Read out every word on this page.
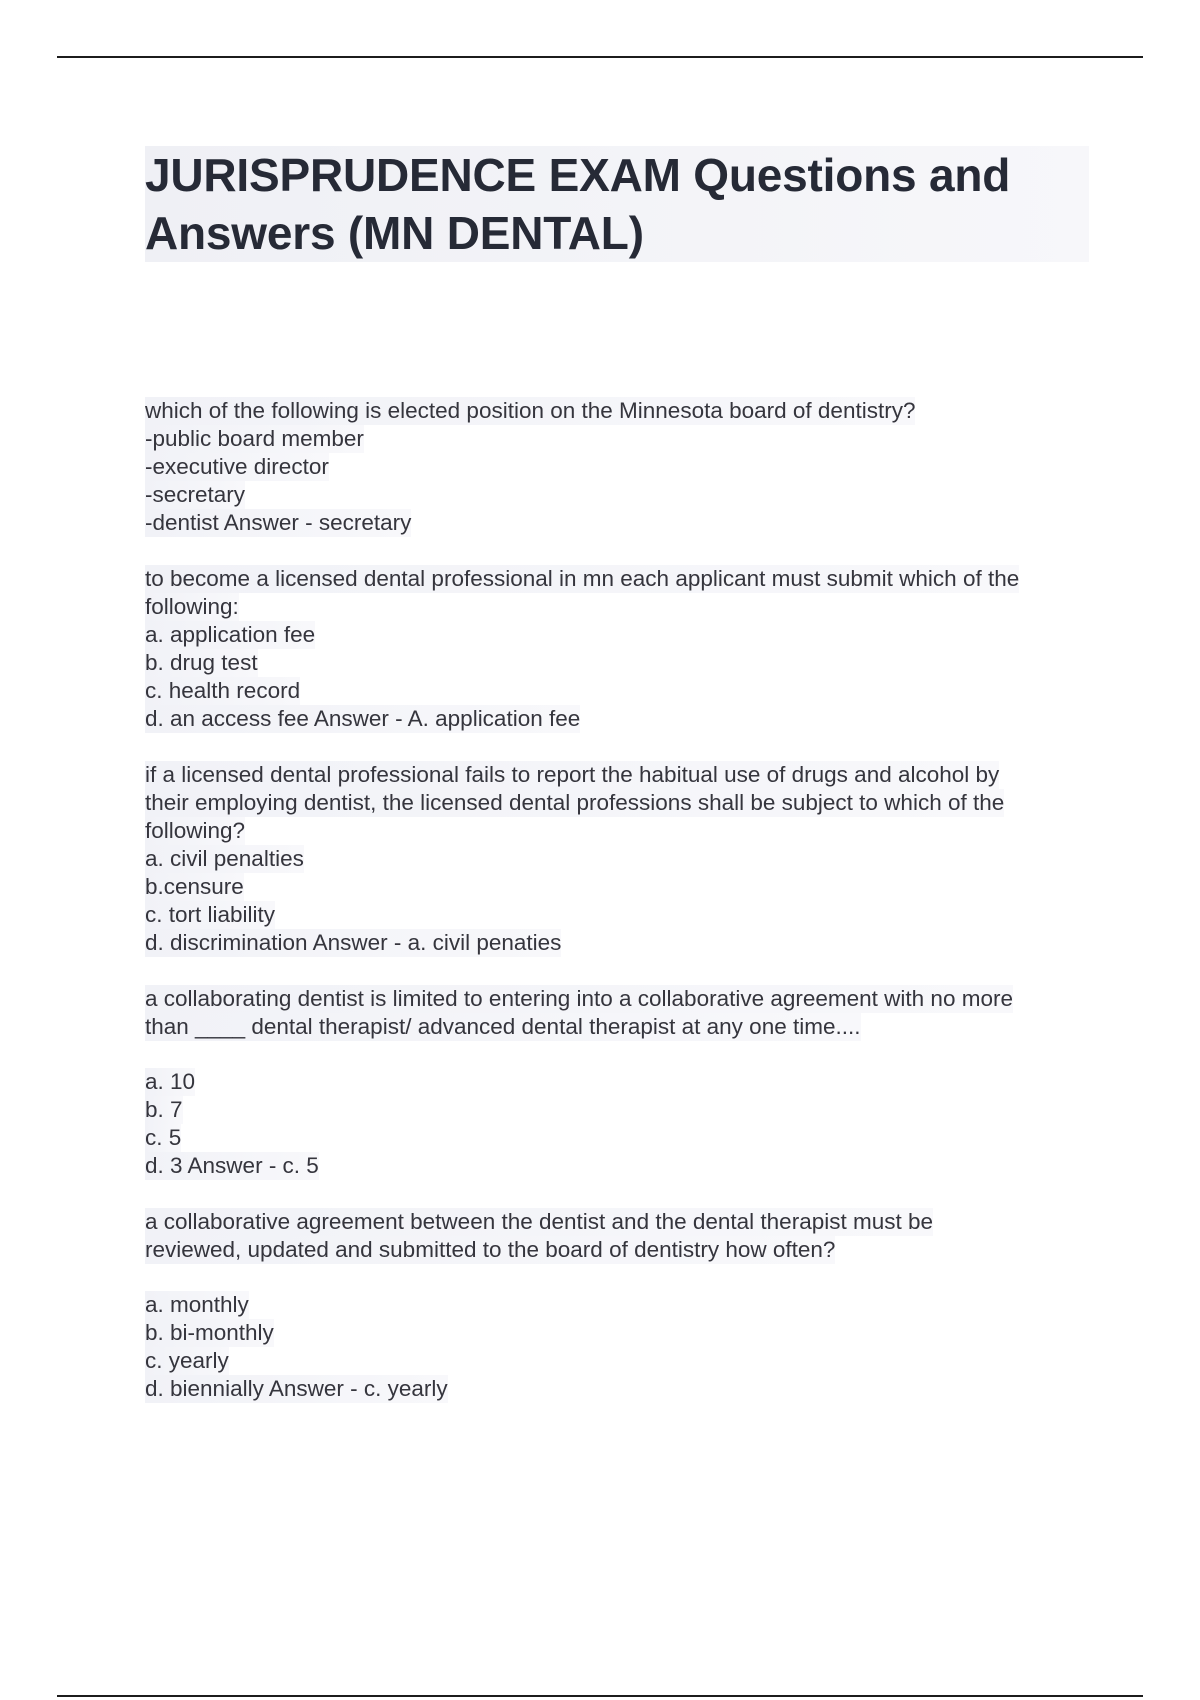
JURISPRUDENCE EXAM Questions and
Answers (MN DENTAL)
which of the following is elected position on the Minnesota board of dentistry?
-public board member
-executive director
-secretary
-dentist Answer - secretary
to become a licensed dental professional in mn each applicant must submit which of the
following:
a. application fee
b. drug test
c. health record
d. an access fee Answer - A. application fee
if a licensed dental professional fails to report the habitual use of drugs and alcohol by
their employing dentist, the licensed dental professions shall be subject to which of the
following?
a. civil penalties
b.censure
c. tort liability
d. discrimination Answer - a. civil penaties
a collaborating dentist is limited to entering into a collaborative agreement with no more
than ____ dental therapist/ advanced dental therapist at any one time....
a. 10
b. 7
c. 5
d. 3 Answer - c. 5
a collaborative agreement between the dentist and the dental therapist must be
reviewed, updated and submitted to the board of dentistry how often?
a. monthly
b. bi-monthly
c. yearly
d. biennially Answer - c. yearly
